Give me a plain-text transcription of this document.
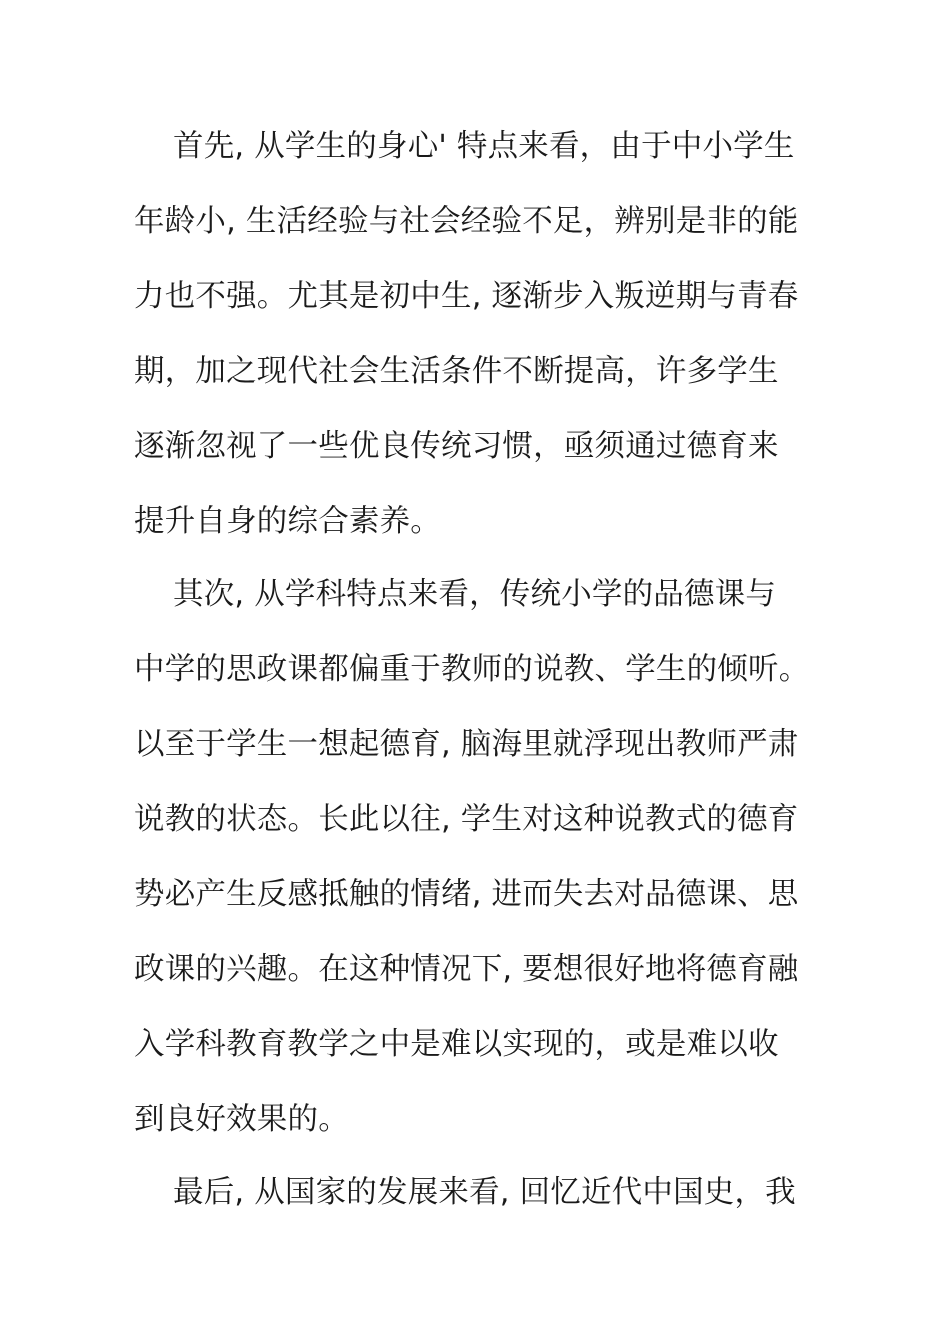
首先, 从学生的身心' 特点来看，由于中小学生
年龄小, 生活经验与社会经验不足，辨别是非的能
力也不强。尤其是初中生, 逐渐步入叛逆期与青春
期，加之现代社会生活条件不断提高，许多学生
逐渐忽视了一些优良传统习惯，亟须通过德育来
提升自身的综合素养。
其次, 从学科特点来看，传统小学的品德课与
中学的思政课都偏重于教师的说教、学生的倾听。
以至于学生一想起德育, 脑海里就浮现出教师严肃
说教的状态。长此以往, 学生对这种说教式的德育
势必产生反感抵触的情绪, 进而失去对品德课、思
政课的兴趣。在这种情况下, 要想很好地将德育融
入学科教育教学之中是难以实现的，或是难以收
到良好效果的。
最后, 从国家的发展来看, 回忆近代中国史，我
